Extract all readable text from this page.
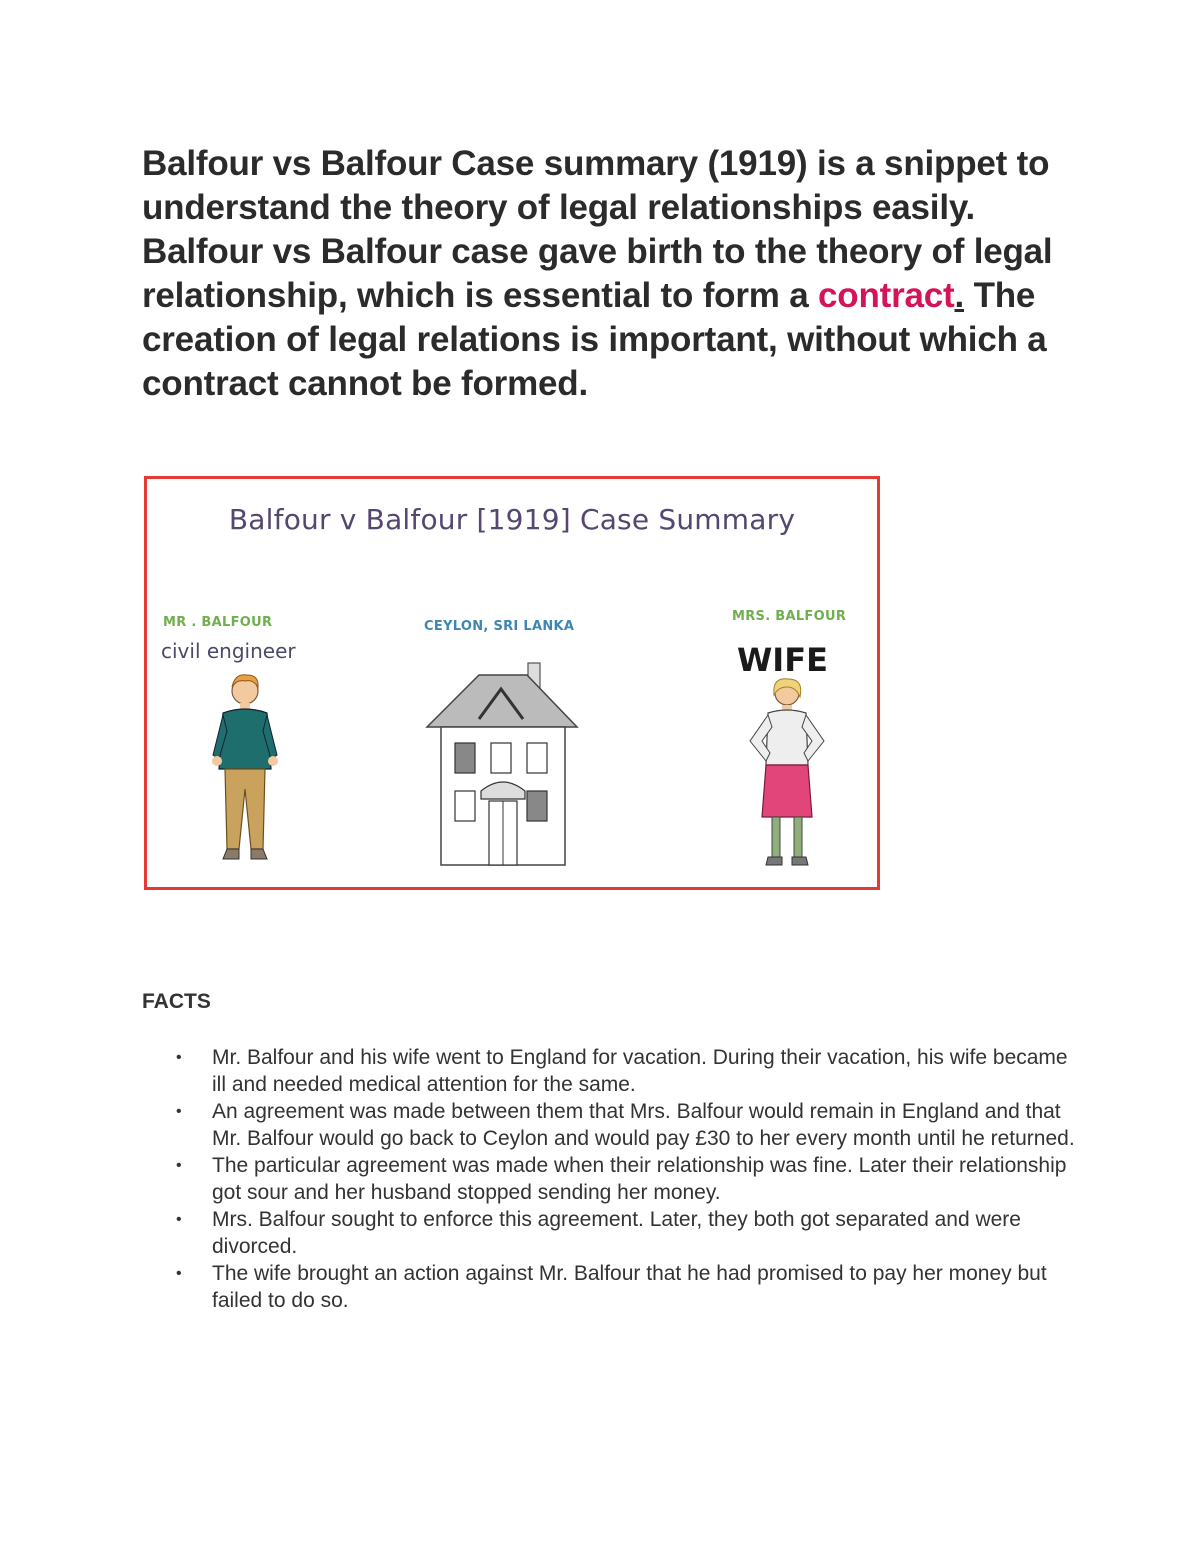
Balfour vs Balfour Case summary (1919) is a snippet to understand the theory of legal relationships easily. Balfour vs Balfour case gave birth to the theory of legal relationship, which is essential to form a contract. The creation of legal relations is important, without which a contract cannot be formed.

Balfour v Balfour [1919] Case Summary
MR . BALFOUR
civil engineer
CEYLON, SRI LANKA
MRS. BALFOUR
WIFE
FACTS
• Mr. Balfour and his wife went to England for vacation. During their vacation, his wife became ill and needed medical attention for the same.
• An agreement was made between them that Mrs. Balfour would remain in England and that Mr. Balfour would go back to Ceylon and would pay £30 to her every month until he returned.
• The particular agreement was made when their relationship was fine. Later their relationship got sour and her husband stopped sending her money.
• Mrs. Balfour sought to enforce this agreement. Later, they both got separated and were divorced.
• The wife brought an action against Mr. Balfour that he had promised to pay her money but failed to do so.
